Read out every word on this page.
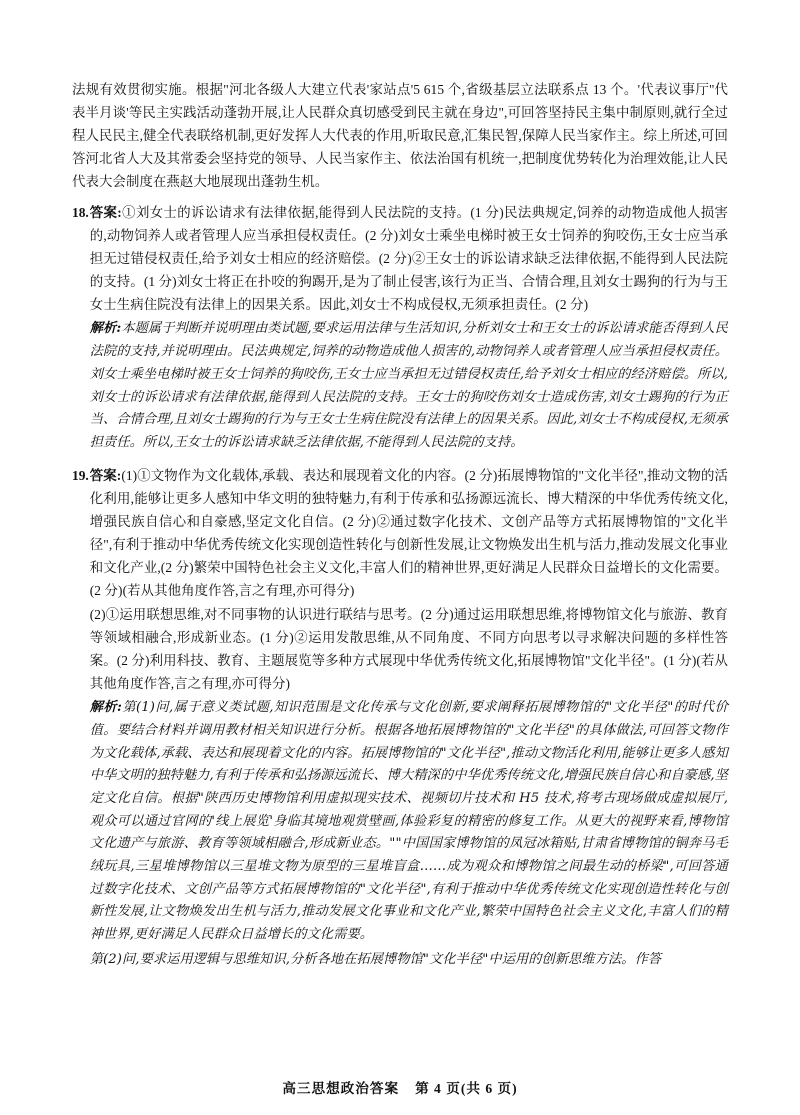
法规有效贯彻实施。根据"河北各级人大建立代表'家站点'5 615 个,省级基层立法联系点 13 个。'代表议事厅''代表半月谈'等民主实践活动蓬勃开展,让人民群众真切感受到民主就在身边",可回答坚持民主集中制原则,就行全过程人民民主,健全代表联络机制,更好发挥人大代表的作用,听取民意,汇集民智,保障人民当家作主。综上所述,可回答河北省人大及其常委会坚持党的领导、人民当家作主、依法治国有机统一,把制度优势转化为治理效能,让人民代表大会制度在燕赵大地展现出蓬勃生机。

18. 答案:①刘女士的诉讼请求有法律依据,能得到人民法院的支持。(1 分)民法典规定,饲养的动物造成他人损害的,动物饲养人或者管理人应当承担侵权责任。(2 分)刘女士乘坐电梯时被王女士饲养的狗咬伤,王女士应当承担无过错侵权责任,给予刘女士相应的经济赔偿。(2 分)②王女士的诉讼请求缺乏法律依据,不能得到人民法院的支持。(1 分)刘女士将正在扑咬的狗踢开,是为了制止侵害,该行为正当、合情合理,且刘女士踢狗的行为与王女士生病住院没有法律上的因果关系。因此,刘女士不构成侵权,无须承担责任。(2 分)

解析:本题属于判断并说明理由类试题,要求运用法律与生活知识,分析刘女士和王女士的诉讼请求能否得到人民法院的支持,并说明理由。民法典规定,饲养的动物造成他人损害的,动物饲养人或者管理人应当承担侵权责任。刘女士乘坐电梯时被王女士饲养的狗咬伤,王女士应当承担无过错侵权责任,给予刘女士相应的经济赔偿。所以,刘女士的诉讼请求有法律依据,能得到人民法院的支持。王女士的狗咬伤刘女士造成伤害,刘女士踢狗的行为正当、合情合理,且刘女士踢狗的行为与王女士生病住院没有法律上的因果关系。因此,刘女士不构成侵权,无须承担责任。所以,王女士的诉讼请求缺乏法律依据,不能得到人民法院的支持。

19. 答案:(1)①文物作为文化载体,承载、表达和展现着文化的内容。(2 分)拓展博物馆的"文化半径",推动文物的活化利用,能够让更多人感知中华文明的独特魅力,有利于传承和弘扬源远流长、博大精深的中华优秀传统文化,增强民族自信心和自豪感,坚定文化自信。(2 分)②通过数字化技术、文创产品等方式拓展博物馆的"文化半径",有利于推动中华优秀传统文化实现创造性转化与创新性发展,让文物焕发出生机与活力,推动发展文化事业和文化产业,(2 分)繁荣中国特色社会主义文化,丰富人们的精神世界,更好满足人民群众日益增长的文化需要。(2 分)(若从其他角度作答,言之有理,亦可得分)

(2)①运用联想思维,对不同事物的认识进行联结与思考。(2 分)通过运用联想思维,将博物馆文化与旅游、教育等领域相融合,形成新业态。(1 分)②运用发散思维,从不同角度、不同方向思考以寻求解决问题的多样性答案。(2 分)利用科技、教育、主题展览等多种方式展现中华优秀传统文化,拓展博物馆"文化半径"。(1 分)(若从其他角度作答,言之有理,亦可得分)

解析:第(1)问,属于意义类试题,知识范围是文化传承与文化创新,要求阐释拓展博物馆的"文化半径"的时代价值。要结合材料并调用教材相关知识进行分析。根据各地拓展博物馆的"文化半径"的具体做法,可回答文物作为文化载体,承载、表达和展现着文化的内容。拓展博物馆的"文化半径",推动文物活化利用,能够让更多人感知中华文明的独特魅力,有利于传承和弘扬源远流长、博大精深的中华优秀传统文化,增强民族自信心和自豪感,坚定文化自信。根据"陕西历史博物馆利用虚拟现实技术、视频切片技术和 H5 技术,将考古现场做成虚拟展厅,观众可以通过官网的'线上展览'身临其境地观赏壁画,体验彩复的精密的修复工作。从更大的视野来看,博物馆文化遗产与旅游、教育等领域相融合,形成新业态。""中国国家博物馆的凤冠冰箱贴,甘肃省博物馆的铜奔马毛绒玩具,三星堆博物馆以三星堆文物为原型的三星堆盲盒……成为观众和博物馆之间最生动的桥梁",可回答通过数字化技术、文创产品等方式拓展博物馆的"文化半径",有利于推动中华优秀传统文化实现创造性转化与创新性发展,让文物焕发出生机与活力,推动发展文化事业和文化产业,繁荣中国特色社会主义文化,丰富人们的精神世界,更好满足人民群众日益增长的文化需要。

第(2)问,要求运用逻辑与思维知识,分析各地在拓展博物馆"文化半径"中运用的创新思维方法。作答

高三思想政治答案 第 4 页(共 6 页)
